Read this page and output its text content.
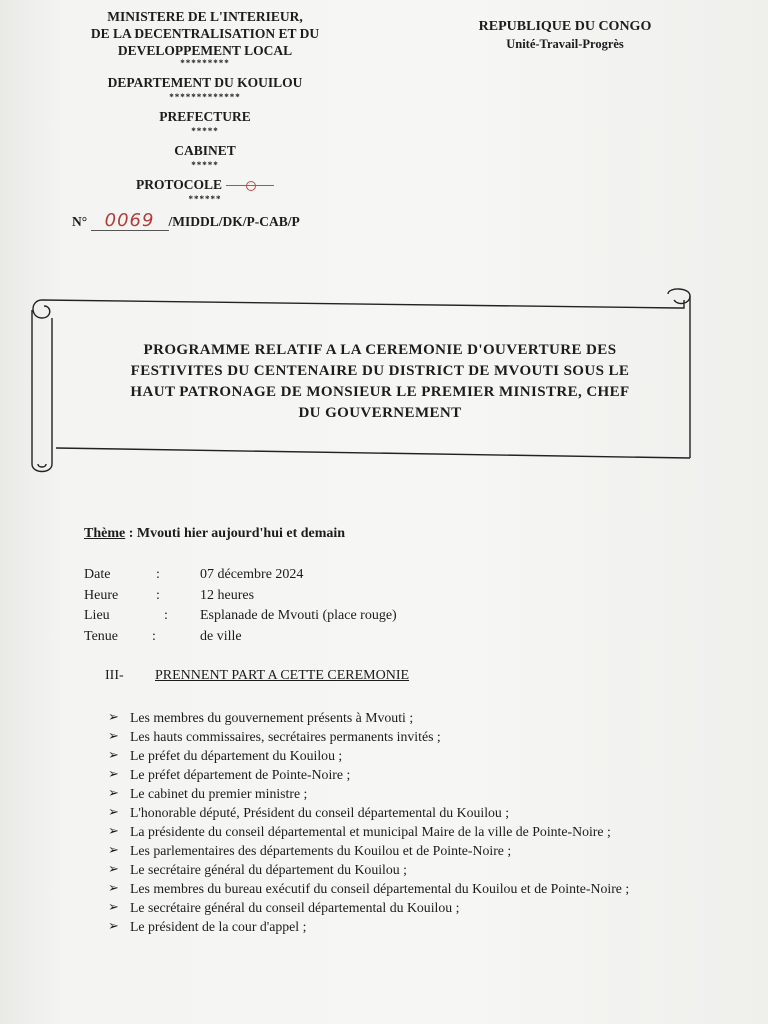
MINISTERE DE L'INTERIEUR,
DE LA DECENTRALISATION ET DU
DEVELOPPEMENT LOCAL
*********
DEPARTEMENT DU KOUILOU
*************
PREFECTURE
*****
CABINET
*****
PROTOCOLE
******
N° 0069 /MIDDL/DK/P-CAB/P
REPUBLIQUE DU CONGO
Unité-Travail-Progrès
PROGRAMME RELATIF A LA CEREMONIE D'OUVERTURE DES
FESTIVITES DU CENTENAIRE DU DISTRICT DE MVOUTI SOUS LE
HAUT PATRONAGE DE MONSIEUR LE PREMIER MINISTRE, CHEF
DU GOUVERNEMENT
Thème : Mvouti hier aujourd'hui et demain
Date	:	07 décembre 2024
Heure	:	12 heures
Lieu	: Esplanade de Mvouti (place rouge)
Tenue :	de ville
III- PRENNENT PART A CETTE CEREMONIE
➢ Les membres du gouvernement présents à Mvouti ;
➢ Les hauts commissaires, secrétaires permanents invités ;
➢ Le préfet du département du Kouilou ;
➢ Le préfet département de Pointe-Noire ;
➢ Le cabinet du premier ministre ;
➢ L'honorable député, Président du conseil départemental du Kouilou ;
➢ La présidente du conseil départemental et municipal Maire de la ville de Pointe-Noire ;
➢ Les parlementaires des départements du Kouilou et de Pointe-Noire ;
➢ Le secrétaire général du département du Kouilou ;
➢ Les membres du bureau exécutif du conseil départemental du Kouilou et de Pointe-Noire ;
➢ Le secrétaire général du conseil départemental du Kouilou ;
➢ Le président de la cour d'appel ;
